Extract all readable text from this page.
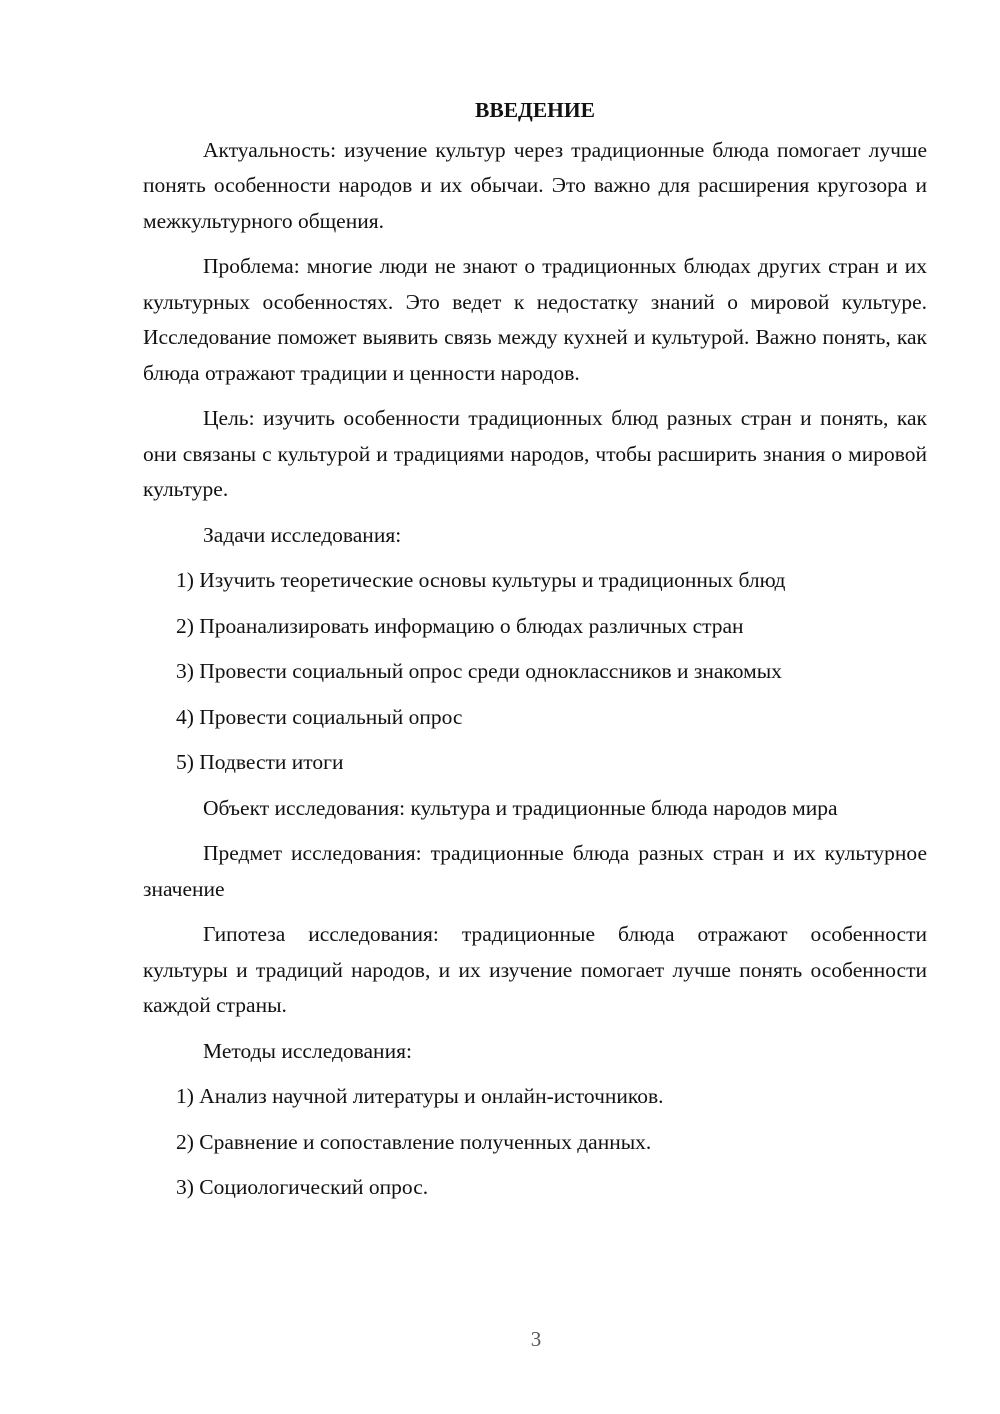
ВВЕДЕНИЕ

Актуальность: изучение культур через традиционные блюда помогает лучше понять особенности народов и их обычаи. Это важно для расширения кругозора и межкультурного общения.

Проблема: многие люди не знают о традиционных блюдах других стран и их культурных особенностях. Это ведет к недостатку знаний о мировой культуре. Исследование поможет выявить связь между кухней и культурой. Важно понять, как блюда отражают традиции и ценности народов.

Цель: изучить особенности традиционных блюд разных стран и понять, как они связаны с культурой и традициями народов, чтобы расширить знания о мировой культуре.

Задачи исследования:

1) Изучить теоретические основы культуры и традиционных блюд

2) Проанализировать информацию о блюдах различных стран

3) Провести социальный опрос среди одноклассников и знакомых

4) Провести социальный опрос

5) Подвести итоги

Объект исследования: культура и традиционные блюда народов мира

Предмет исследования: традиционные блюда разных стран и их культурное значение

Гипотеза исследования: традиционные блюда отражают особенности культуры и традиций народов, и их изучение помогает лучше понять особенности каждой страны.

Методы исследования:

1) Анализ научной литературы и онлайн-источников.

2) Сравнение и сопоставление полученных данных.

3) Социологический опрос.

3
